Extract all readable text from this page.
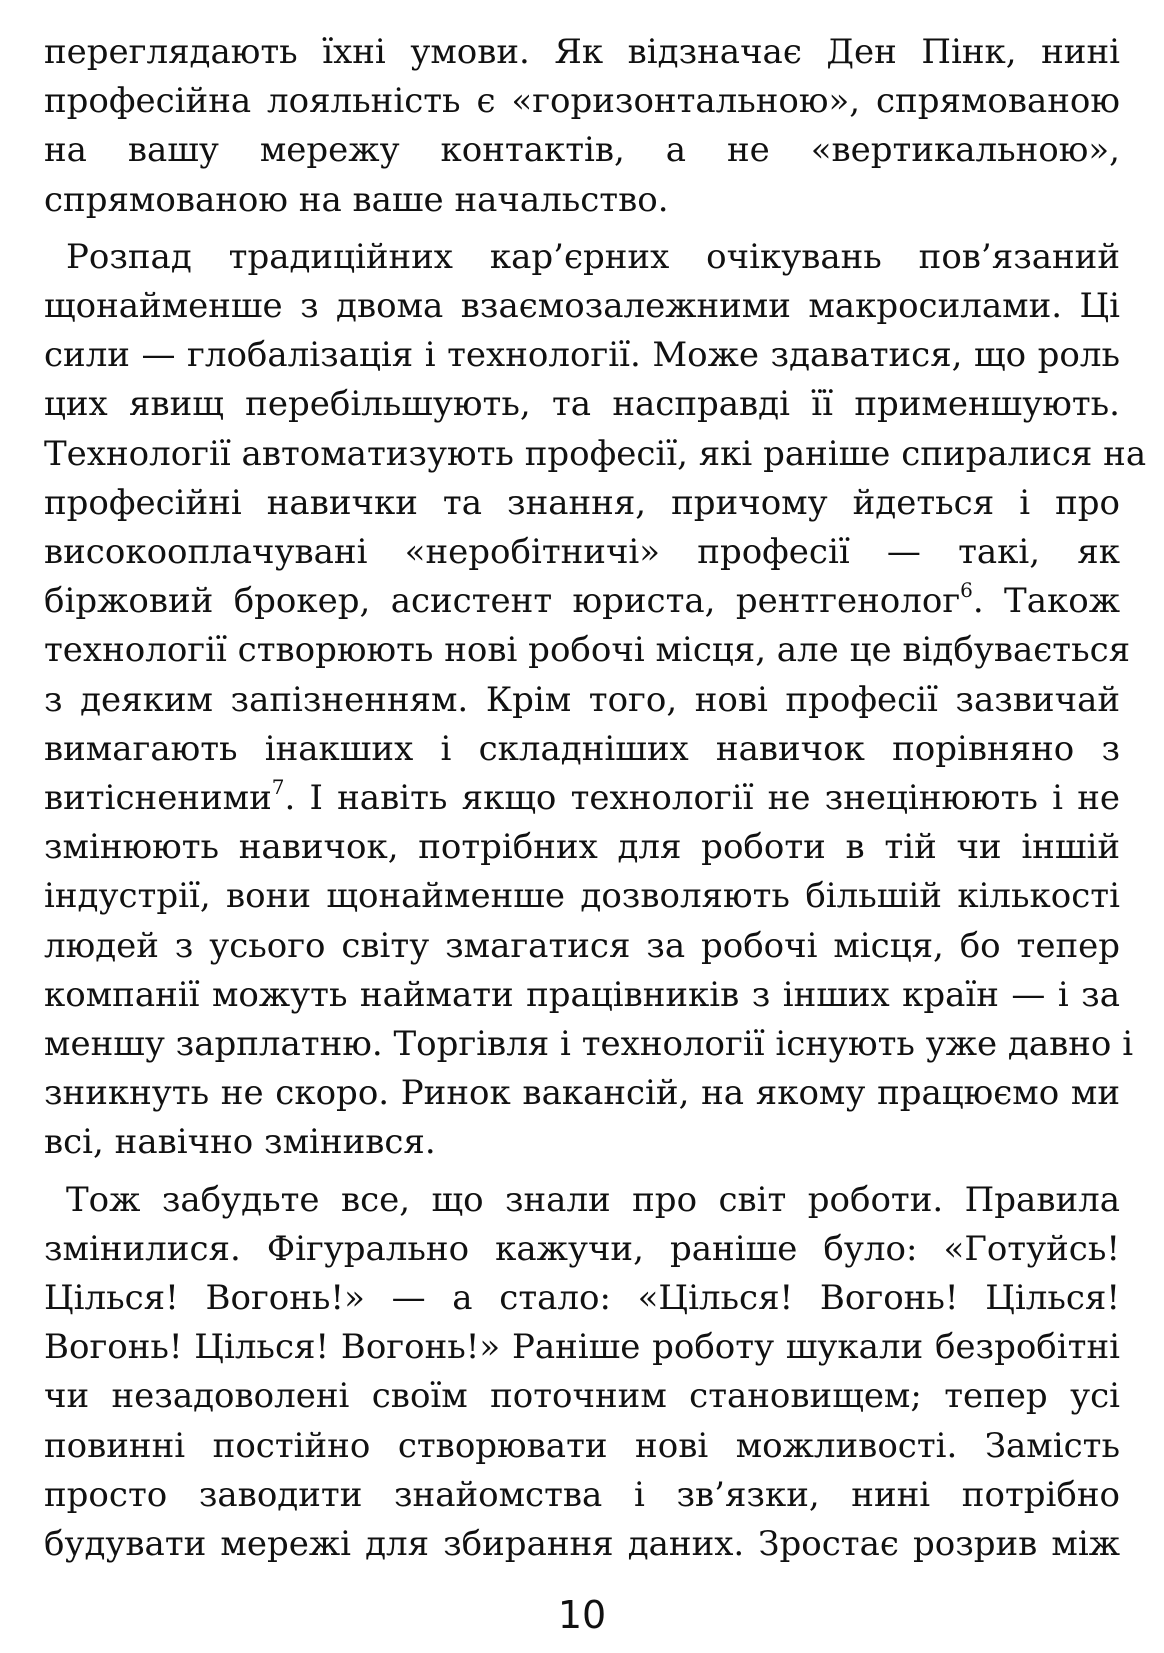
переглядають їхні умови. Як відзначає Ден Пінк, нині
професійна лояльність є «горизонтальною», спрямованою
на вашу мережу контактів, а не «вертикальною»,
спрямованою на ваше начальство.
Розпад традиційних кар’єрних очікувань пов’язаний
щонайменше з двома взаємозалежними макросилами. Ці
сили — глобалізація і технології. Може здаватися, що роль
цих явищ перебільшують, та насправді її применшують.
Технології автоматизують професії, які раніше спиралися на
професійні навички та знання, причому йдеться і про
високооплачувані «неробітничі» професії — такі, як
біржовий брокер, асистент юриста, рентгенолог$^6$. Також
технології створюють нові робочі місця, але це відбувається
з деяким запізненням. Крім того, нові професії зазвичай
вимагають інакших і складніших навичок порівняно з
витісненими$^7$. І навіть якщо технології не знецінюють і не
змінюють навичок, потрібних для роботи в тій чи іншій
індустрії, вони щонайменше дозволяють більшій кількості
людей з усього світу змагатися за робочі місця, бо тепер
компанії можуть наймати працівників з інших країн — і за
меншу зарплатню. Торгівля і технології існують уже давно і
зникнуть не скоро. Ринок вакансій, на якому працюємо ми
всі, навічно змінився.
Тож забудьте все, що знали про світ роботи. Правила
змінилися. Фігурально кажучи, раніше було: «Готуйсь!
Цілься! Вогонь!» — а стало: «Цілься! Вогонь! Цілься!
Вогонь! Цілься! Вогонь!» Раніше роботу шукали безробітні
чи незадоволені своїм поточним становищем; тепер усі
повинні постійно створювати нові можливості. Замість
просто заводити знайомства і зв’язки, нині потрібно
будувати мережі для збирання даних. Зростає розрив між
10
